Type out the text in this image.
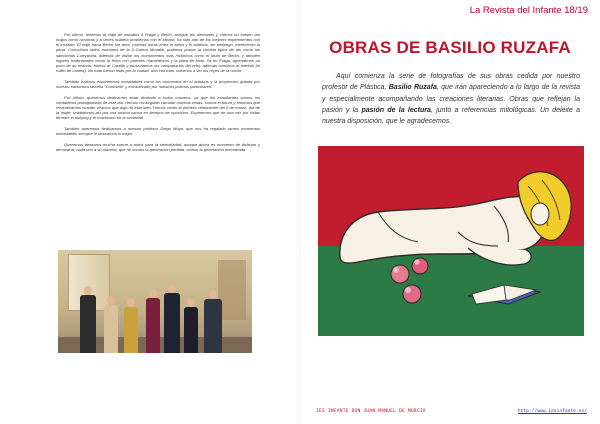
Por último, tenemos el viaje de estudios a Praga y Berlín, aunque los alemanes y checos no fuesen tan majos como nosotras y a veces hubiera problemas con el idioma, ha sido uno de los mejores experimentos con el instituto. El viaje hacia Berlín fue duro, muchas horas entre el avión y el autobús, sin embargo, merecieron la pena. Conocimos lados humanos de la II Guerra Mundial, pudimos probar la comida típica de ahí como las salchichas Currywurst, además de visitar los monumentos más históricos como el Muro de Berlín, y también lugares tradicionales como la firma con puentes maravillosos y la plata de Nola. Ya en Praga, aprendimos un poco de su historia, fuimos al Castillo y escuchamos los campanarios del reloj, además comimos el trdelník (el rollito de canela). No todo fueron risas por la ciudad, una vez más, volvimos a ser los reyes de la noche.

También tuvimos experiencias inolvidables como los momentos en el autobús y la proyección guiada por nuestro traductora favorita “Coriusela” y encabezado por nuestros policías particulares.

Por último, queremos dedicarnos estar diciendo a todos vosotros, ya que los estudiantes somos los verdaderos protagonistas de este día. Hemos conseguido cambiar muchas cosas, somos el futuro y tenemos que reivindicarnos cuando veamos que algo no está bien. Hemos vivido la primera celebración del 8 de marzo, día de la mujer, unidndonos así por una misma causa en tiempos de oposición. Esperemos que de una vez por todas termine el bullying y el machismo en la sociedad.

También queremos dedicarnos a nuestro profesor Diego Moya, que nos ha regalado tantos momentos inolvidables siempre le deseamos lo mejor.

Queremos desearos mucha suerte a todos para la selectividad, aunque ahora es momento de disfrutar y demostrar, cada uno a su manera, que no somos la generación perdida, somos la generación encontrada.

La Revista del Infante 18/19
OBRAS DE BASILIO RUZAFA

Aquí comienza la serie de fotografías de sus obras cedida por nuestro profesor de Plástica, Basilio Ruzafa, que irán apareciendo a lo largo de la revista y especialmente acompañando las creaciones literarias. Obras que reflejan la pasión y la pasión de la lectura, junto a referencias mitológicas. Un deleite a nuestra disposición, que le agradecemos.

IES INFANTE DON JUAN MANUEL DE MURCIA	http://www.iesinfante.es/
